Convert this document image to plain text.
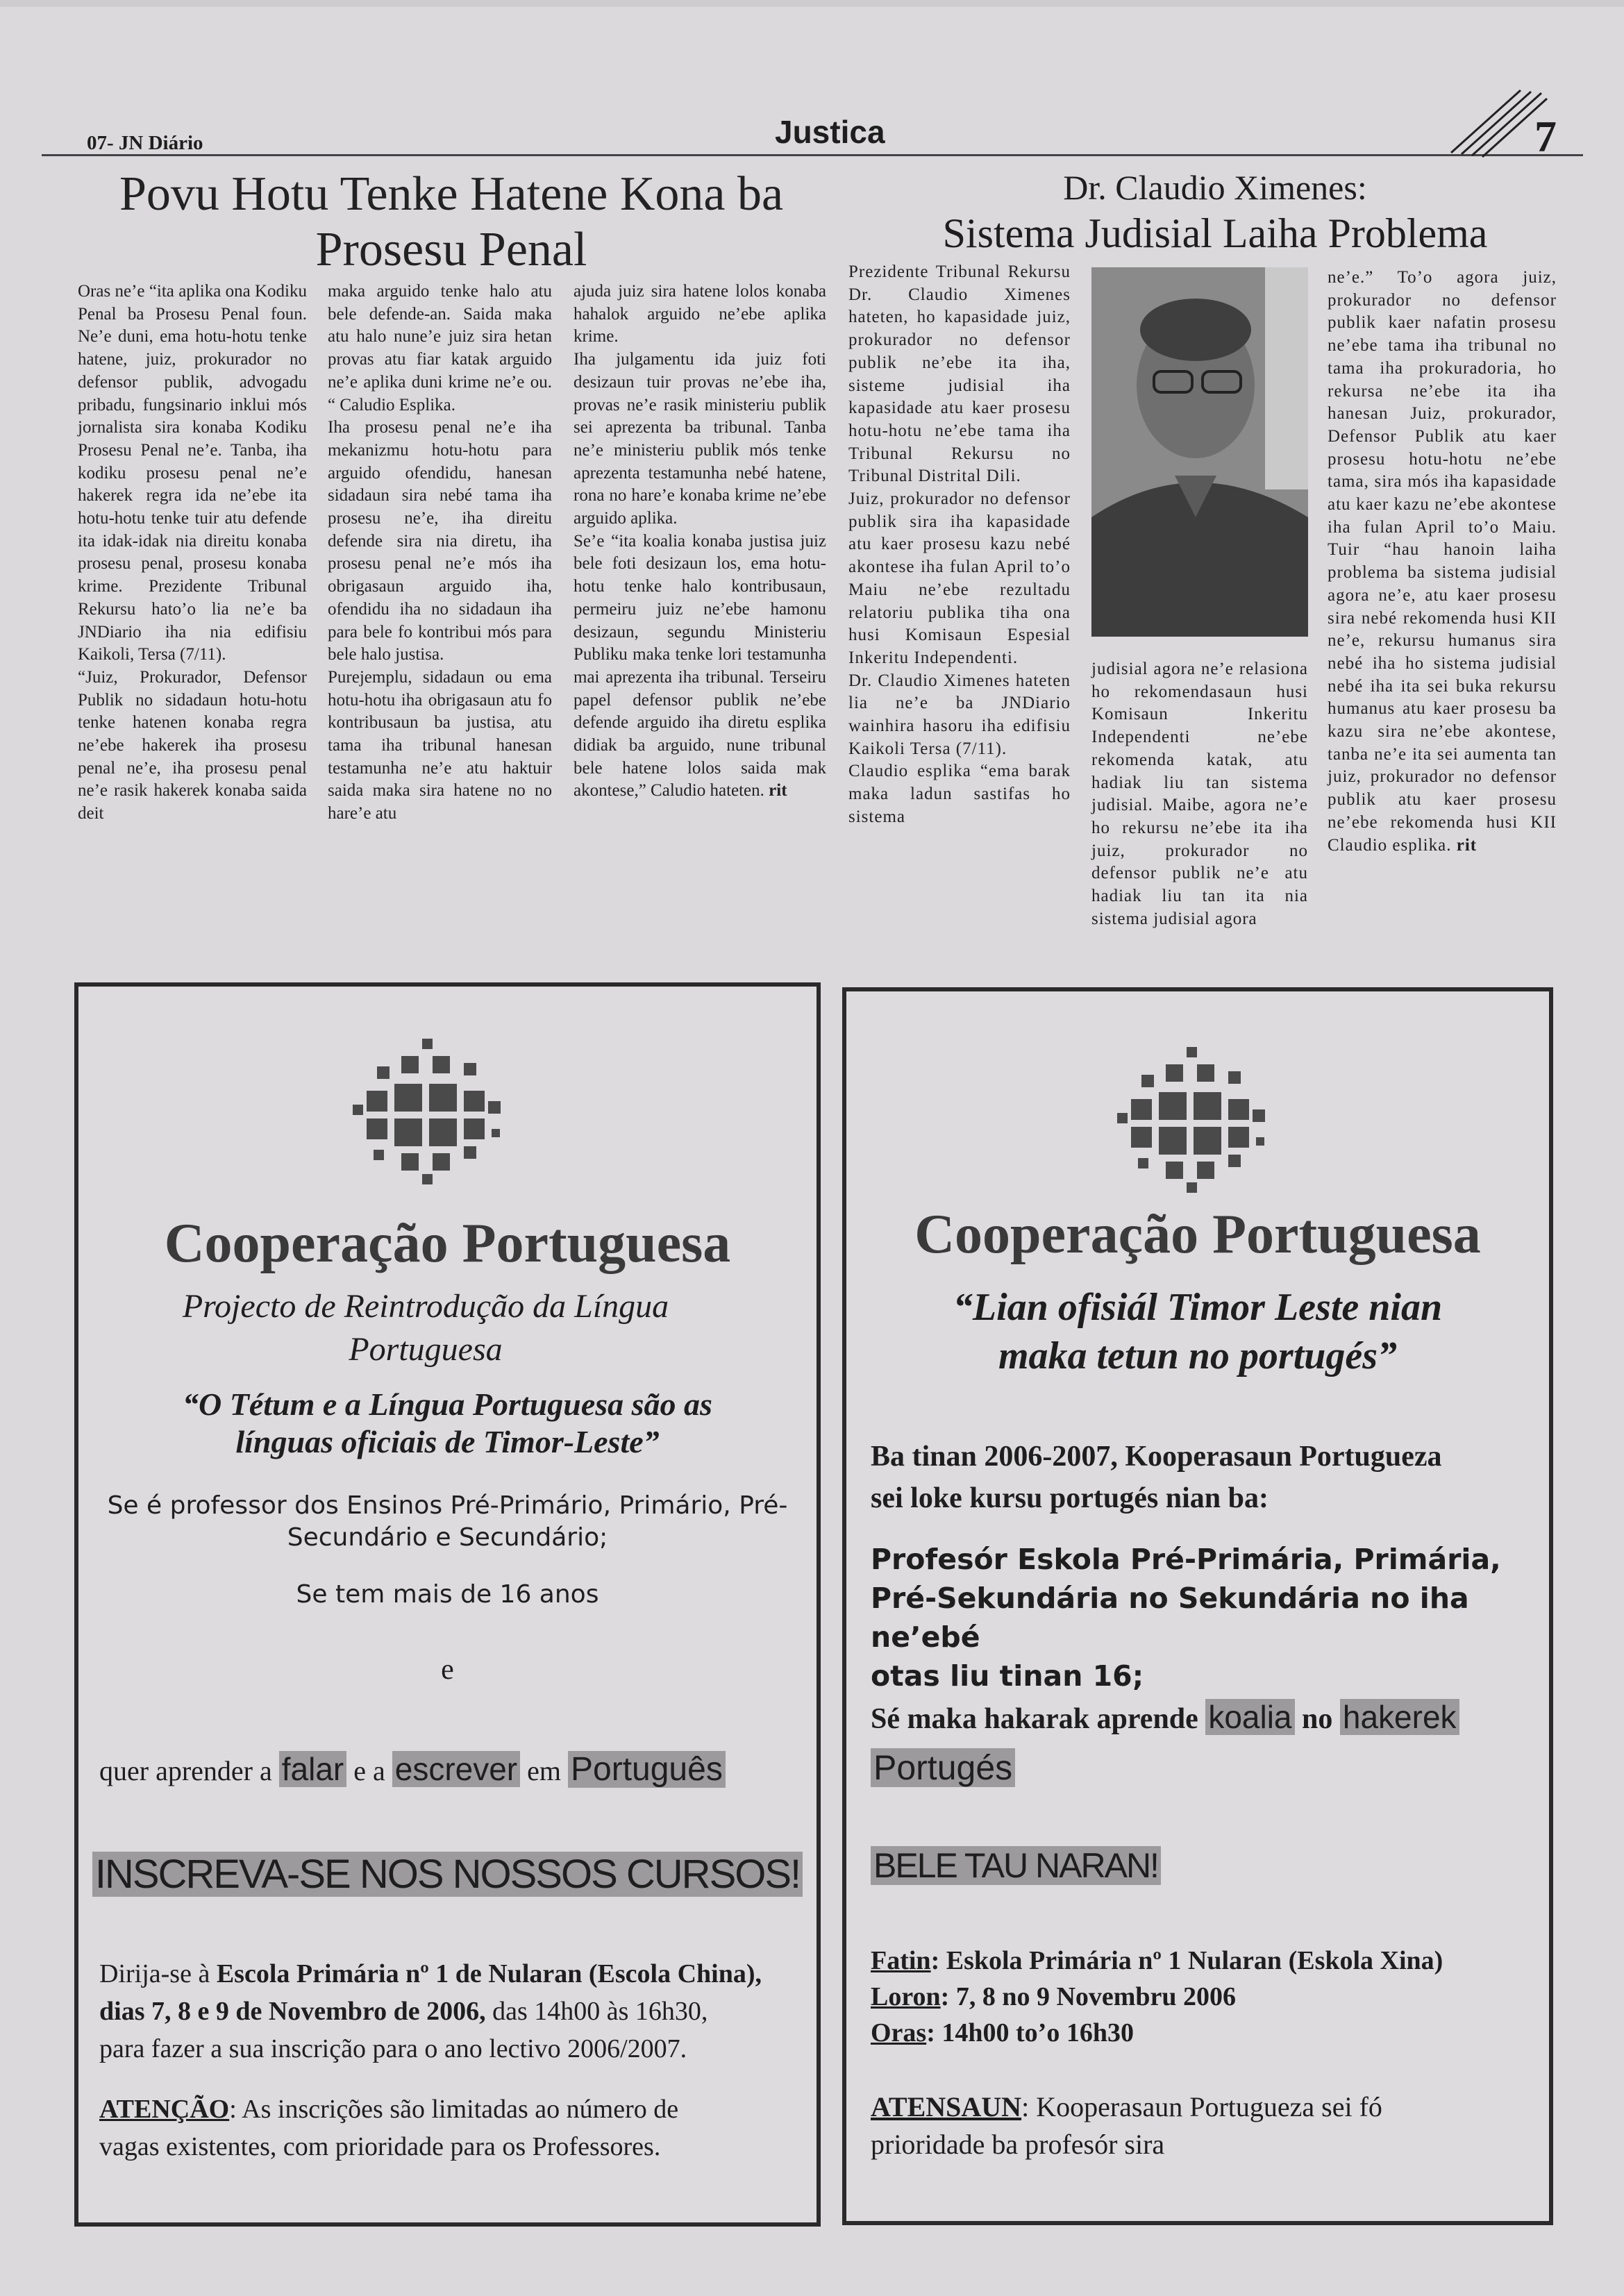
07- JN Diário	Justica	7
Povu Hotu Tenke Hatene Kona ba
Prosesu Penal
Oras ne’e “ita aplika ona Kodiku Penal ba Prosesu Penal foun. Ne’e duni, ema hotu-hotu tenke hatene, juiz, prokurador no defensor publik, advogadu pribadu, fungsinario inklui mós jornalista sira konaba Kodiku Prosesu Penal ne’e. Tanba, iha kodiku prosesu penal ne’e hakerek regra ida ne’ebe ita hotu-hotu tenke tuir atu defende ita idak-idak nia direitu konaba prosesu penal, prosesu konaba krime. Prezidente Tribunal Rekursu hato’o lia ne’e ba JNDiario iha nia edifisiu Kaikoli, Tersa (7/11).
“Juiz, Prokurador, Defensor Publik no sidadaun hotu-hotu tenke hatenen konaba regra ne’ebe hakerek iha prosesu penal ne’e, iha prosesu penal ne’e rasik hakerek konaba saida deit
maka arguido tenke halo atu bele defende-an. Saida maka atu halo nune’e juiz sira hetan provas atu fiar katak arguido ne’e aplika duni krime ne’e ou. “ Caludio Esplika.
Iha prosesu penal ne’e iha mekanizmu hotu-hotu para arguido ofendidu, hanesan sidadaun sira nebé tama iha prosesu ne’e, iha direitu defende sira nia diretu, iha prosesu penal ne’e mós iha obrigasaun arguido iha, ofendidu iha no sidadaun iha para bele fo kontribui mós para bele halo justisa.
Purejemplu, sidadaun ou ema hotu-hotu iha obrigasaun atu fo kontribusaun ba justisa, atu tama iha tribunal hanesan testamunha ne’e atu haktuir saida maka sira hatene no no hare’e atu
ajuda juiz sira hatene lolos konaba hahalok arguido ne’ebe aplika krime.
Iha julgamentu ida juiz foti desizaun tuir provas ne’ebe iha, provas ne’e rasik ministeriu publik sei aprezenta ba tribunal. Tanba ne’e ministeriu publik mós tenke aprezenta testamunha nebé hatene, rona no hare’e konaba krime ne’ebe arguido aplika.
Se’e “ita koalia konaba justisa juiz bele foti desizaun los, ema hotu-hotu tenke halo kontribusaun, permeiru juiz ne’ebe hamonu desizaun, segundu Ministeriu Publiku maka tenke lori testamunha mai aprezenta iha tribunal. Terseiru papel defensor publik ne’ebe defende arguido iha diretu esplika didiak ba arguido, nune tribunal bele hatene lolos saida mak akontese,” Caludio hateten. rit
Dr. Claudio Ximenes:
Sistema Judisial Laiha Problema
Prezidente Tribunal Rekursu Dr. Claudio Ximenes hateten, ho kapasidade juiz, prokurador no defensor publik ne’ebe ita iha, sisteme judisial iha kapasidade atu kaer prosesu hotu-hotu ne’ebe tama iha Tribunal Rekursu no Tribunal Distrital Dili.
Juiz, prokurador no defensor publik sira iha kapasidade atu kaer prosesu kazu nebé akontese iha fulan April to’o Maiu ne’ebe rezultadu relatoriu publika tiha ona husi Komisaun Espesial Inkeritu Independenti.
Dr. Claudio Ximenes hateten lia ne’e ba JNDiario wainhira hasoru iha edifisiu Kaikoli Tersa (7/11).
Claudio esplika “ema barak maka ladun sastifas ho sistema
judisial agora ne’e relasiona ho rekomendasaun husi Komisaun Inkeritu Independenti ne’ebe rekomenda katak, atu hadiak liu tan sistema judisial. Maibe, agora ne’e ho rekursu ne’ebe ita iha juiz, prokurador no defensor publik ne’e atu hadiak liu tan ita nia sistema judisial agora
ne’e.” To’o agora juiz, prokurador no defensor publik kaer nafatin prosesu ne’ebe tama iha tribunal no tama iha prokuradoria, ho rekursa ne’ebe ita iha hanesan Juiz, prokurador, Defensor Publik atu kaer prosesu hotu-hotu ne’ebe tama, sira mós iha kapasidade atu kaer kazu ne’ebe akontese iha fulan April to’o Maiu. Tuir “hau hanoin laiha problema ba sistema judisial agora ne’e, atu kaer prosesu sira nebé rekomenda husi KII ne’e, rekursu humanus sira nebé iha ho sistema judisial nebé iha ita sei buka rekursu humanus atu kaer prosesu ba kazu sira ne’ebe akontese, tanba ne’e ita sei aumenta tan juiz, prokurador no defensor publik atu kaer prosesu ne’ebe rekomenda husi KII Claudio esplika. rit
Cooperação Portuguesa
Projecto de Reintrodução da Língua
Portuguesa
“O Tétum e a Língua Portuguesa são as
línguas oficiais de Timor-Leste”
Se é professor dos Ensinos Pré-Primário, Primário, Pré-
Secundário e Secundário;
Se tem mais de 16 anos
e
quer aprender a falar e a escrever em Português
INSCREVA-SE NOS NOSSOS CURSOS!
Dirija-se à Escola Primária nº 1 de Nularan (Escola China),
dias 7, 8 e 9 de Novembro de 2006, das 14h00 às 16h30,
para fazer a sua inscrição para o ano lectivo 2006/2007.
ATENÇÃO: As inscrições são limitadas ao número de
vagas existentes, com prioridade para os Professores.
Cooperação Portuguesa
“Lian ofisiál Timor Leste nian
maka tetun no portugés”
Ba tinan 2006-2007, Kooperasaun Portugueza
sei loke kursu portugés nian ba:
Profesór Eskola Pré-Primária, Primária,
Pré-Sekundária no Sekundária no iha ne’ebé
otas liu tinan 16;
Sé maka hakarak aprende koalia no hakerek
Portugés
BELE TAU NARAN!
Fatin: Eskola Primária nº 1 Nularan (Eskola Xina)
Loron: 7, 8 no 9 Novembru 2006
Oras: 14h00 to’o 16h30
ATENSAUN: Kooperasaun Portugueza sei fó
prioridade ba profesór sira
